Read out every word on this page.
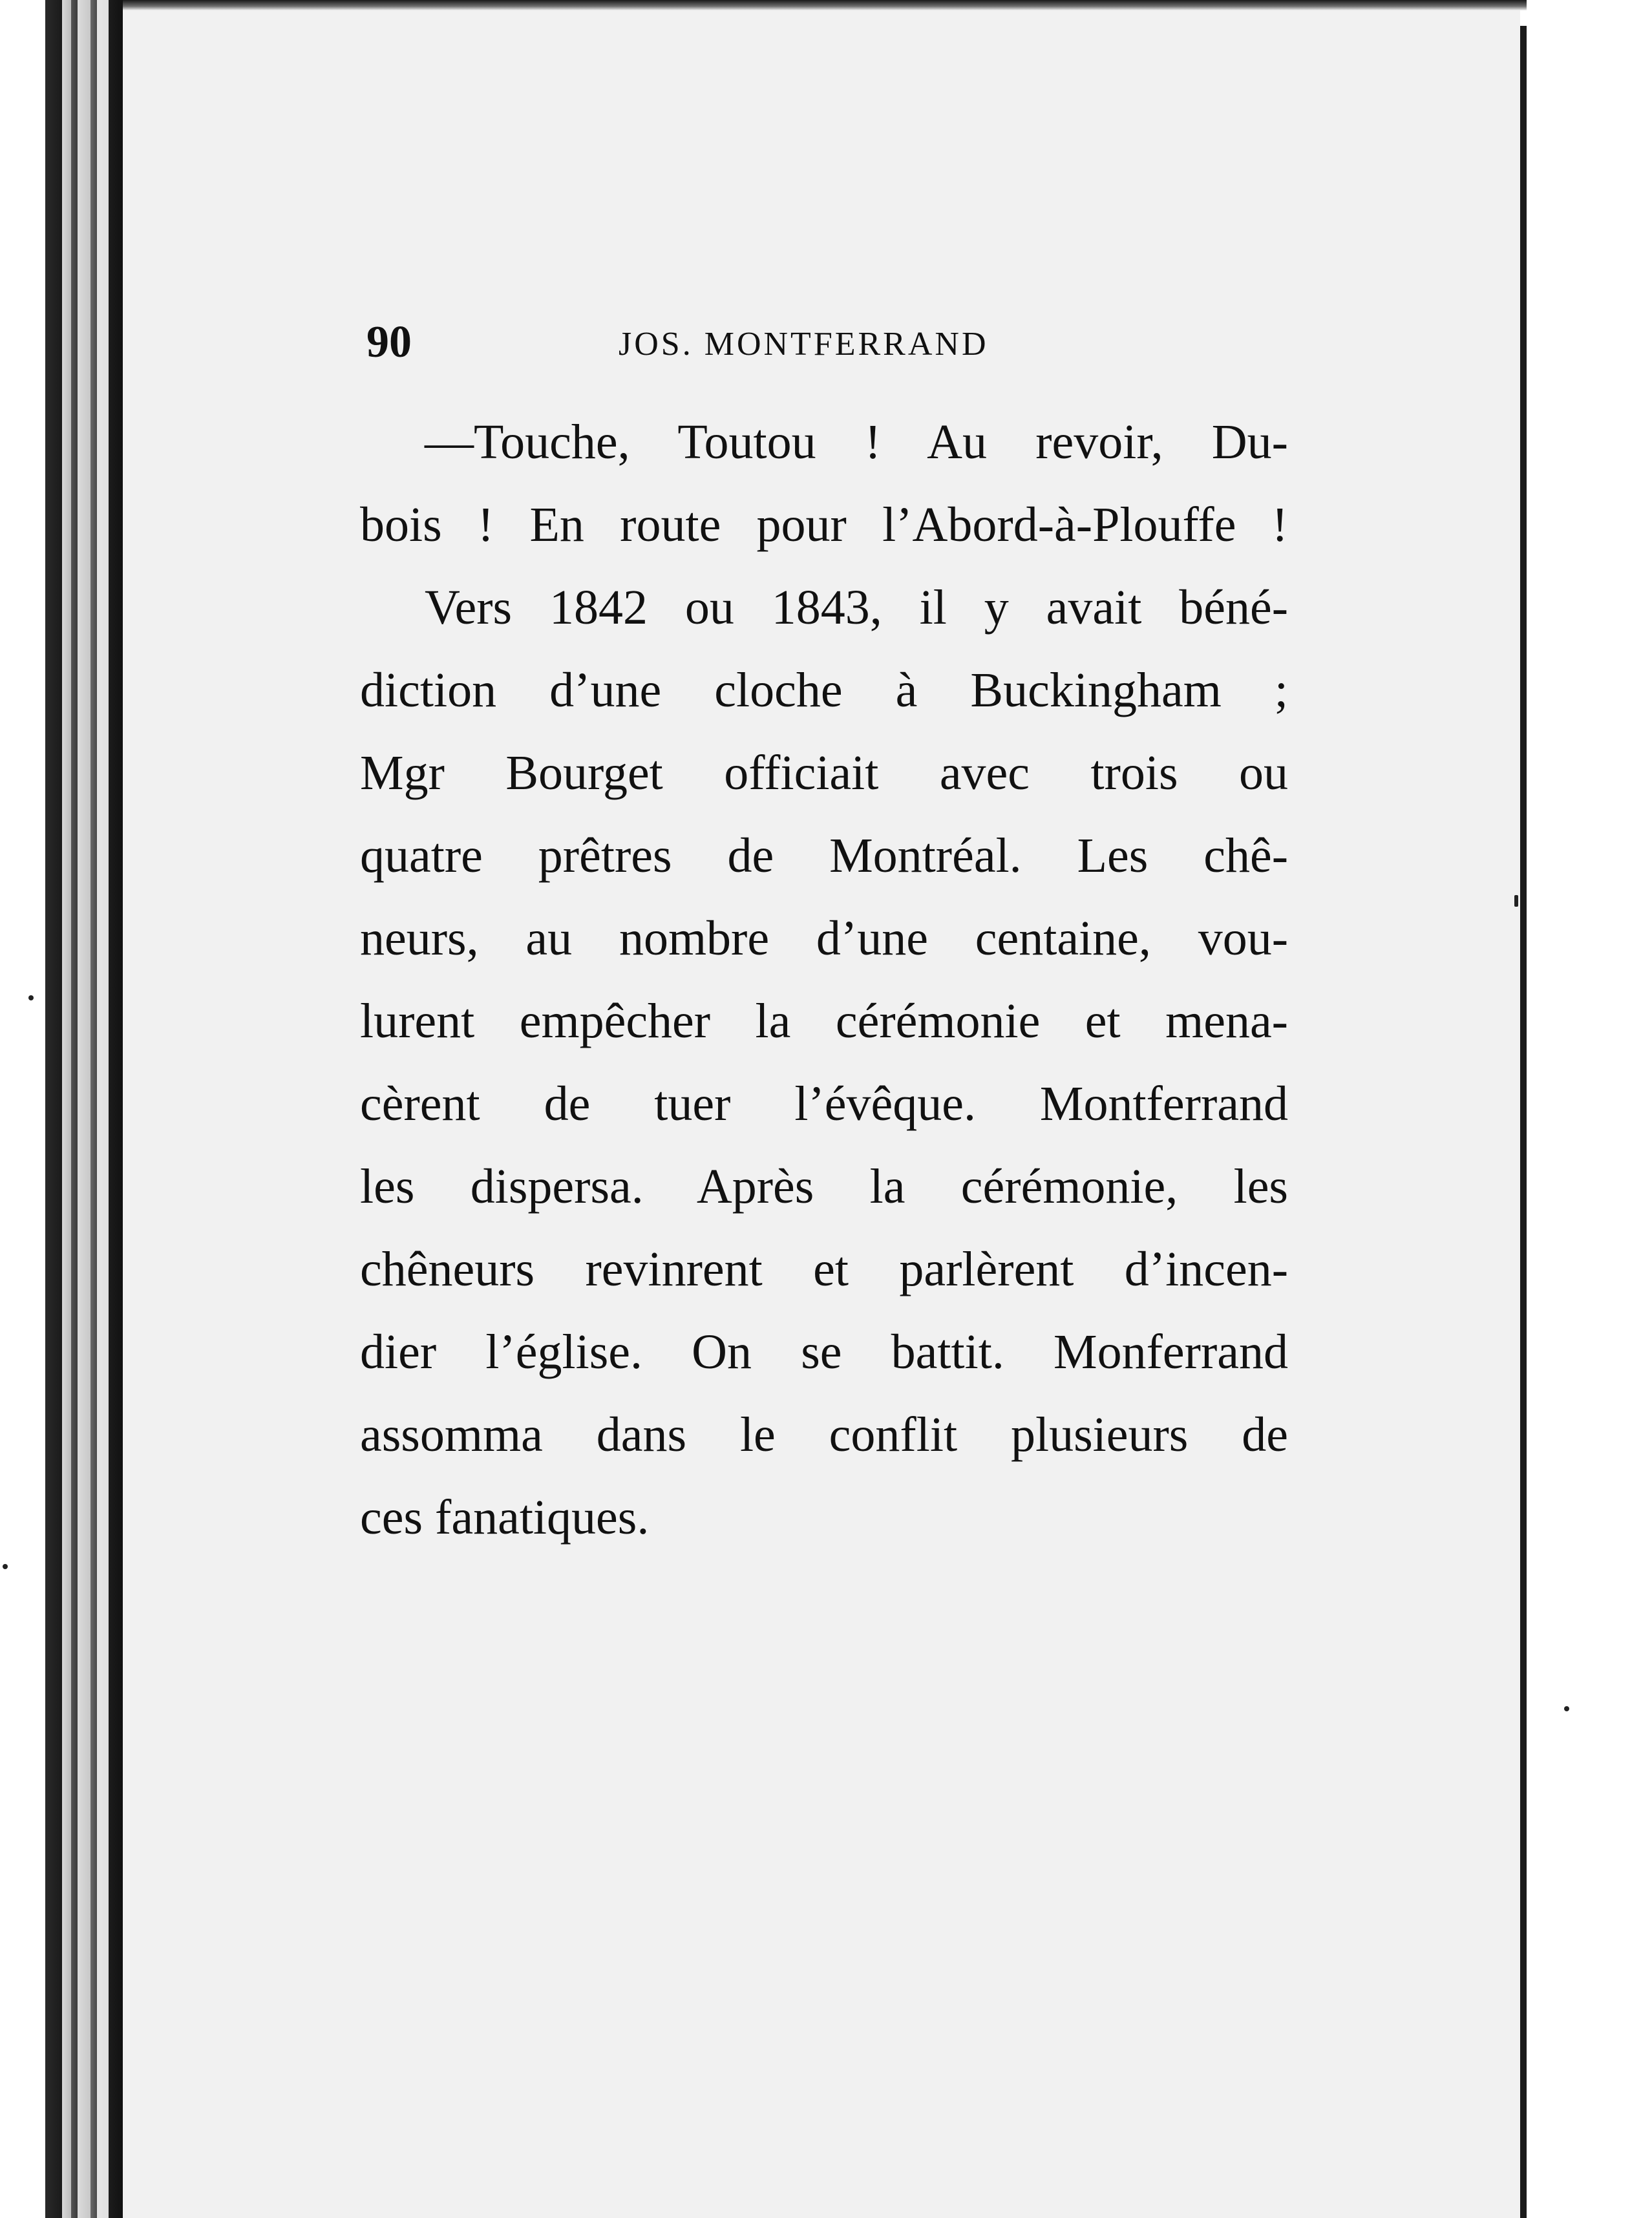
90	JOS. MONTFERRAND
—Touche, Toutou ! Au revoir, Du-
bois ! En route pour l’Abord-à-Plouffe !
Vers 1842 ou 1843, il y avait béné-
diction d’une cloche à Buckingham ;
Mgr Bourget officiait avec trois ou
quatre prêtres de Montréal. Les chê-
neurs, au nombre d’une centaine, vou-
lurent empêcher la cérémonie et mena-
cèrent de tuer l’évêque. Montferrand
les dispersa. Après la cérémonie, les
chêneurs revinrent et parlèrent d’incen-
dier l’église. On se battit. Monferrand
assomma dans le conflit plusieurs de
ces fanatiques.
